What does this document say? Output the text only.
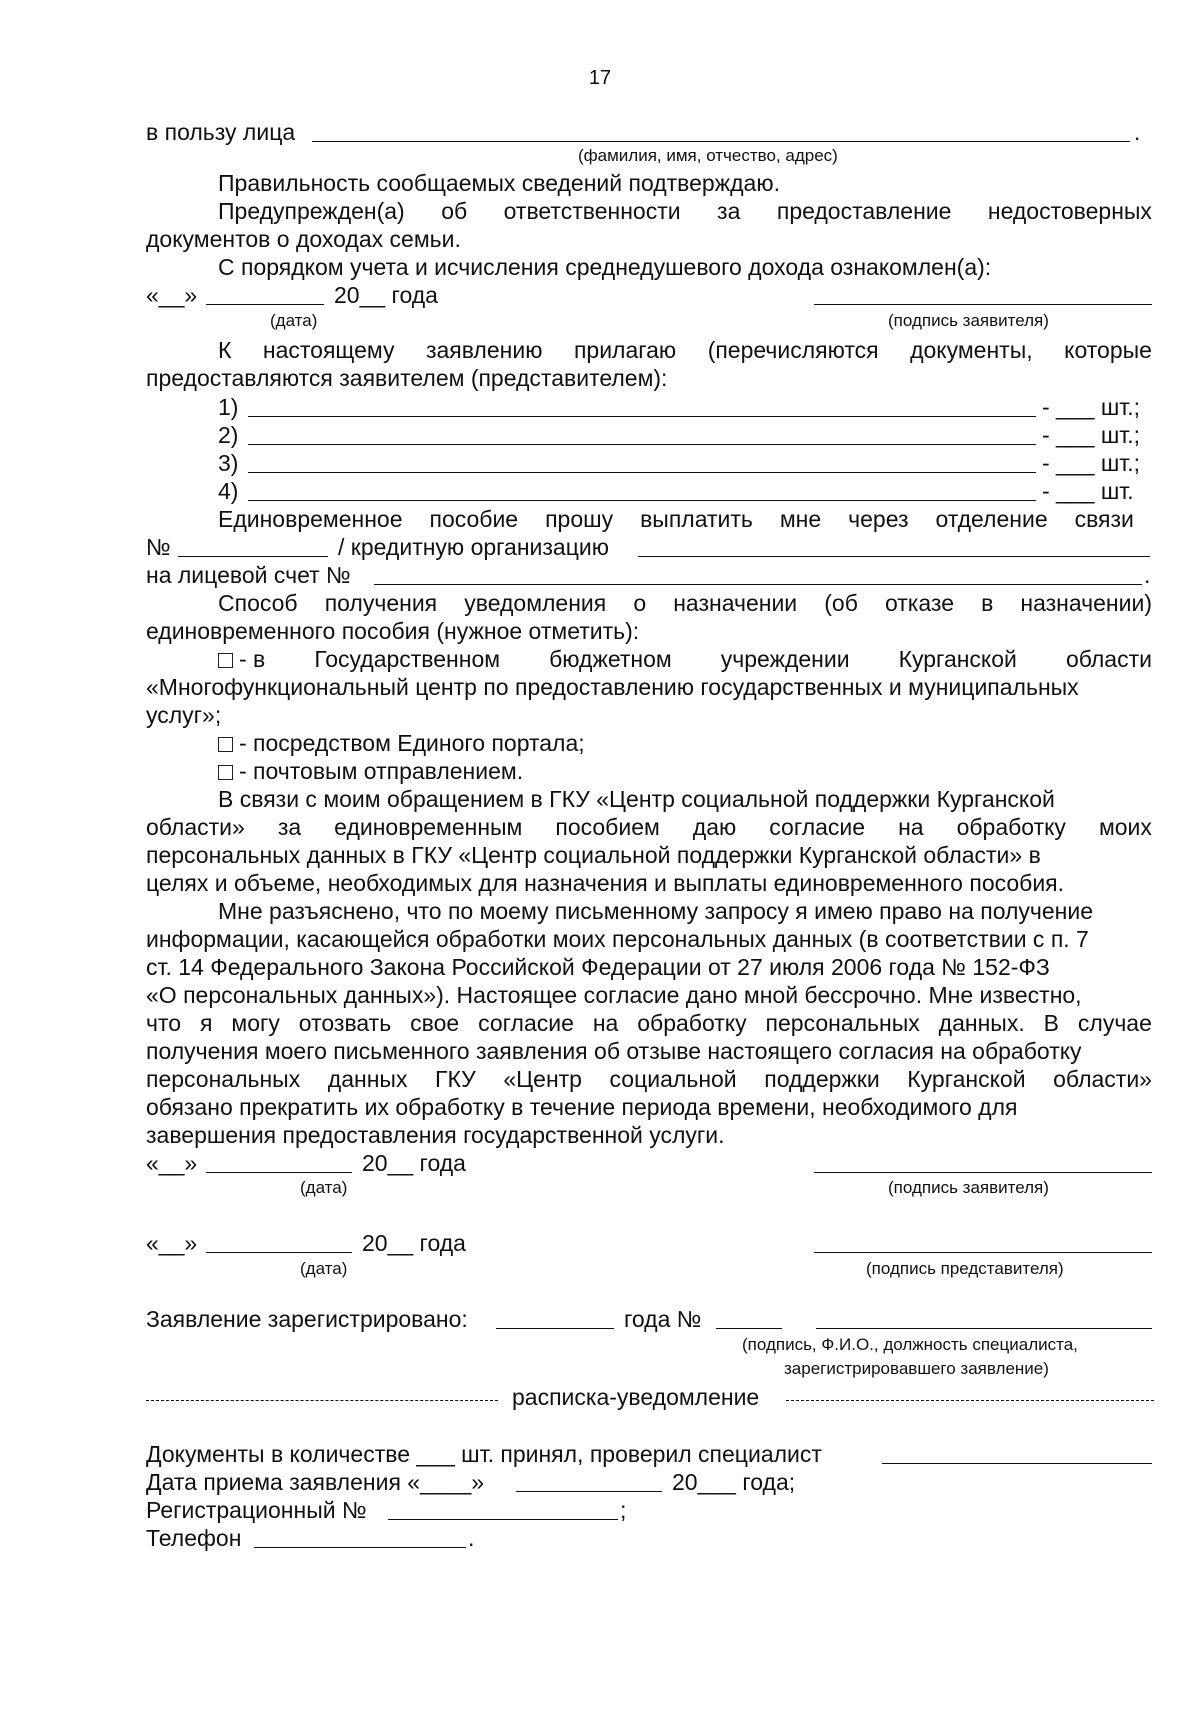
17
в пользу лица	.
(фамилия, имя, отчество, адрес)
Правильность сообщаемых сведений подтверждаю.
Предупрежден(а) об ответственности за предоставление недостоверных
документов о доходах семьи.
С порядком учета и исчисления среднедушевого дохода ознакомлен(а):
«__»	20__ года
(дата)	(подпись заявителя)
К настоящему заявлению прилагаю (перечисляются документы, которые
предоставляются заявителем (представителем):
1)	- ___ шт.;
2)	- ___ шт.;
3)	- ___ шт.;
4)	- ___ шт.
Единовременное пособие прошу выплатить мне через отделение связи
№	/ кредитную организацию
на лицевой счет №	.
Способ получения уведомления о назначении (об отказе в назначении)
единовременного пособия (нужное отметить):
- в Государственном бюджетном учреждении Курганской области
«Многофункциональный центр по предоставлению государственных и муниципальных
услуг»;
- посредством Единого портала;
- почтовым отправлением.
В связи с моим обращением в ГКУ «Центр социальной поддержки Курганской
области» за единовременным пособием даю согласие на обработку моих
персональных данных в ГКУ «Центр социальной поддержки Курганской области» в
целях и объеме, необходимых для назначения и выплаты единовременного пособия.
Мне разъяснено, что по моему письменному запросу я имею право на получение
информации, касающейся обработки моих персональных данных (в соответствии с п. 7
ст. 14 Федерального Закона Российской Федерации от 27 июля 2006 года № 152-ФЗ
«О персональных данных»). Настоящее согласие дано мной бессрочно. Мне известно,
что я могу отозвать свое согласие на обработку персональных данных. В случае
получения моего письменного заявления об отзыве настоящего согласия на обработку
персональных данных ГКУ «Центр социальной поддержки Курганской области»
обязано прекратить их обработку в течение периода времени, необходимого для
завершения предоставления государственной услуги.
«__»	20__ года
(дата)	(подпись заявителя)
«__»	20__ года
(дата)	(подпись представителя)
Заявление зарегистрировано:	года №
(подпись, Ф.И.О., должность специалиста,
зарегистрировавшего заявление)
расписка-уведомление
Документы в количестве ___ шт. принял, проверил специалист
Дата приема заявления «____»	20___ года;
Регистрационный №	;
Телефон	.
